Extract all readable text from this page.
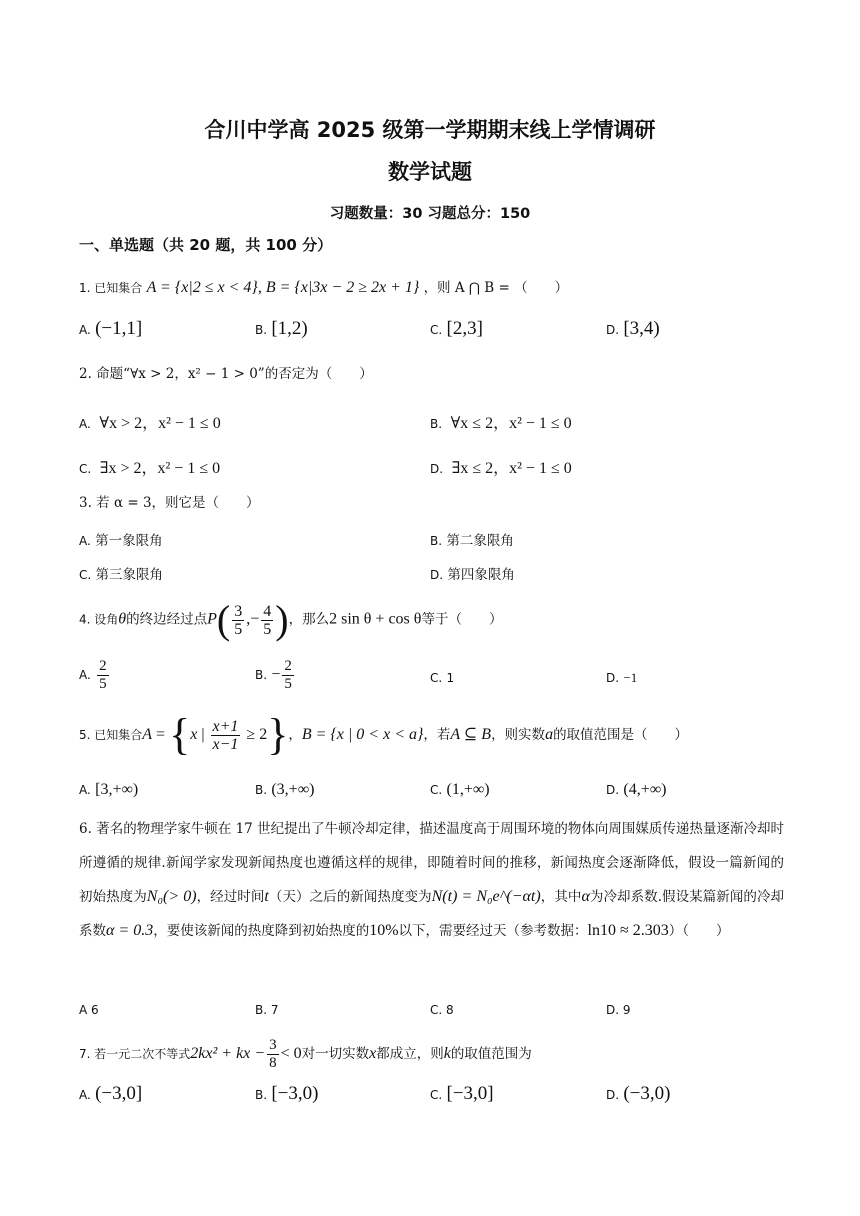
合川中学高 2025 级第一学期期末线上学情调研
数学试题
习题数量：30 习题总分：150
一、单选题（共 20 题，共 100 分）
1. 已知集合 A = {x|2 ≤ x < 4}, B = {x|3x − 2 ≥ 2x + 1} ，则 A ⋂ B = （　　）
A. (−1,1]	B. [1,2)	C. [2,3]	D. [3,4)
2. 命题“∀x > 2，x² − 1 > 0”的否定为（　　）
A. ∀x > 2，x² − 1 ≤ 0	B. ∀x ≤ 2，x² − 1 ≤ 0
C. ∃x > 2，x² − 1 ≤ 0	D. ∃x ≤ 2，x² − 1 ≤ 0
3. 若 α = 3，则它是（　　）
A. 第一象限角	B. 第二象限角
C. 第三象限角	D. 第四象限角
4. 设角θ的终边经过点$P( \frac{3}{5}$ ,− $\frac{4}{5}$ )，那么2 sin θ + cos θ等于（　　）
A. $\frac{2}{5}$	B. − $\frac{2}{5}$	C. 1	D. −1
5. 已知集合A = {x | $\frac{x+1}{x-1} \ge 2$}，B = {x | 0 < x < a}，若A ⊆ B，则实数a的取值范围是（　　）
A. [3,+∞)	B. (3,+∞)	C. (1,+∞)	D. (4,+∞)
6. 著名的物理学家牛顿在 17 世纪提出了牛顿冷却定律，描述温度高于周围环境的物体向周围媒质传递热量逐渐冷却时所遵循的规律.新闻学家发现新闻热度也遵循这样的规律，即随着时间的推移，新闻热度会逐渐降低，假设一篇新闻的初始热度为N₀(> 0)，经过时间t（天）之后的新闻热度变为N(t) = N₀e^(−αt)，其中α为冷却系数.假设某篇新闻的冷却系数α = 0.3，要使该新闻的热度降到初始热度的10%以下，需要经过天（参考数据：ln10 ≈ 2.303）（　　）
A 6	B. 7	C. 8	D. 9
7. 若一元二次不等式2kx² + kx − $\frac{3}{8} < 0$对一切实数x都成立，则k的取值范围为
A. (−3,0]	B. [−3,0)	C. [−3,0]	D. (−3,0)
